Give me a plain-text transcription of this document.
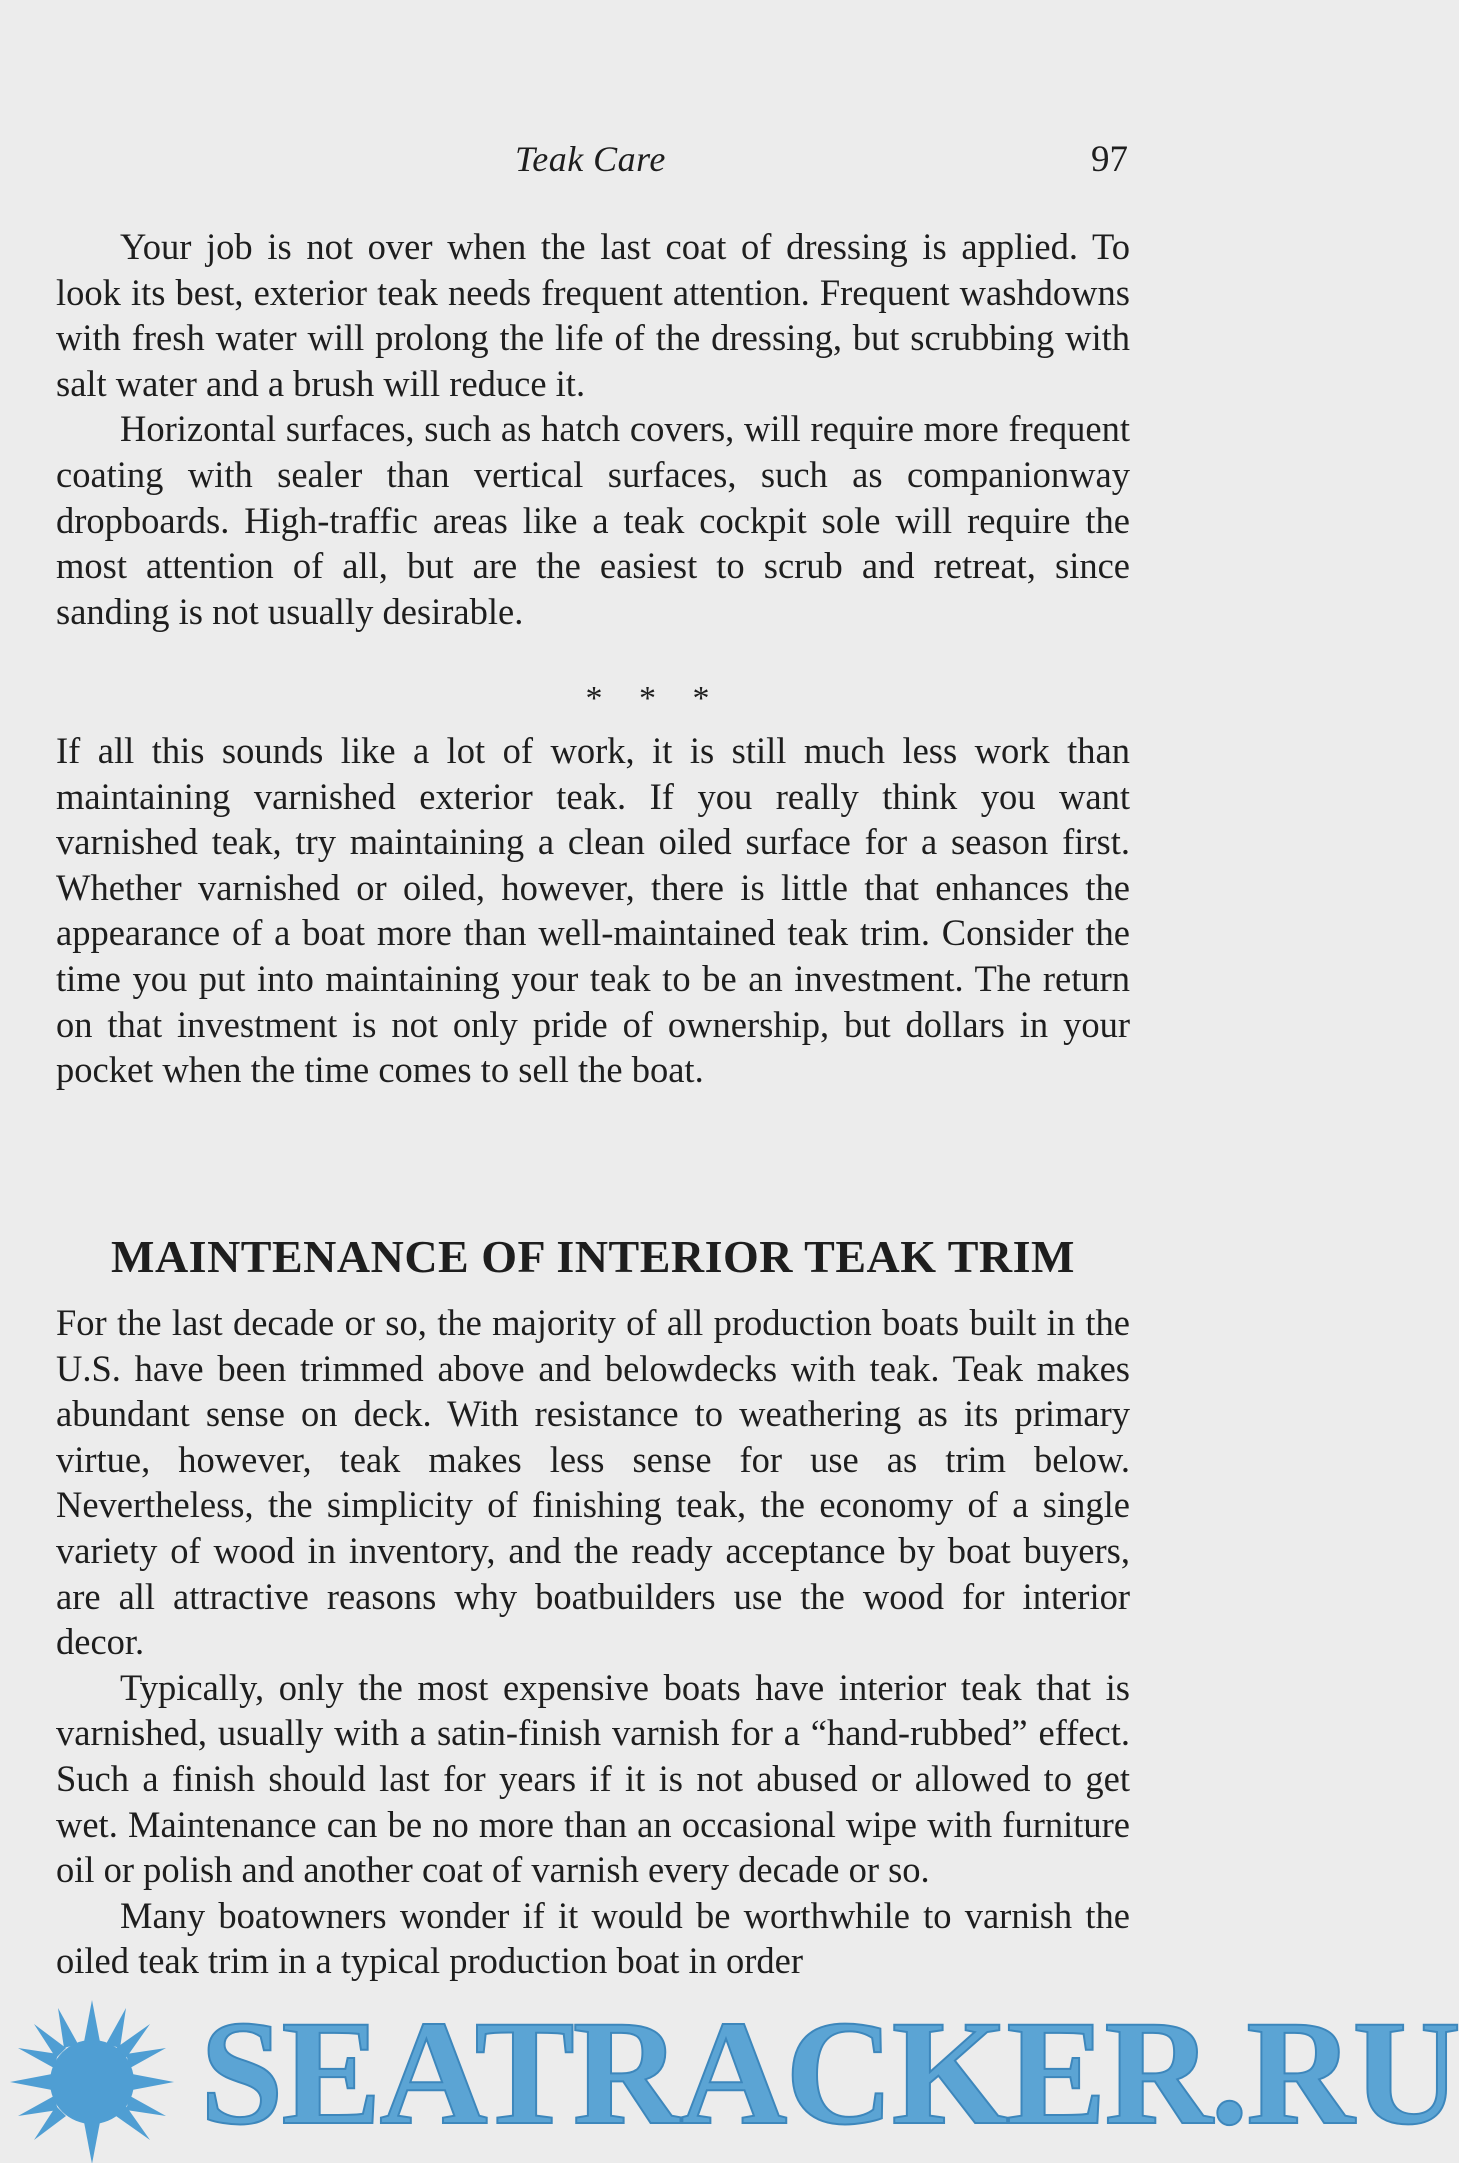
Teak Care	97

Your job is not over when the last coat of dressing is applied. To look its best, exterior teak needs frequent attention. Frequent washdowns with fresh water will prolong the life of the dressing, but scrubbing with salt water and a brush will reduce it.

Horizontal surfaces, such as hatch covers, will require more frequent coating with sealer than vertical surfaces, such as companionway dropboards. High-traffic areas like a teak cockpit sole will require the most attention of all, but are the easiest to scrub and retreat, since sanding is not usually desirable.

* * *

If all this sounds like a lot of work, it is still much less work than maintaining varnished exterior teak. If you really think you want varnished teak, try maintaining a clean oiled surface for a season first. Whether varnished or oiled, however, there is little that enhances the appearance of a boat more than well-maintained teak trim. Consider the time you put into maintaining your teak to be an investment. The return on that investment is not only pride of ownership, but dollars in your pocket when the time comes to sell the boat.

MAINTENANCE OF INTERIOR TEAK TRIM

For the last decade or so, the majority of all production boats built in the U.S. have been trimmed above and belowdecks with teak. Teak makes abundant sense on deck. With resistance to weathering as its primary virtue, however, teak makes less sense for use as trim below. Nevertheless, the simplicity of finishing teak, the economy of a single variety of wood in inventory, and the ready acceptance by boat buyers, are all attractive reasons why boatbuilders use the wood for interior decor.

Typically, only the most expensive boats have interior teak that is varnished, usually with a satin-finish varnish for a “hand-rubbed” effect. Such a finish should last for years if it is not abused or allowed to get wet. Maintenance can be no more than an occasional wipe with furniture oil or polish and another coat of varnish every decade or so.

Many boatowners wonder if it would be worthwhile to varnish the oiled teak trim in a typical production boat in order

SEATRACKER.RU
